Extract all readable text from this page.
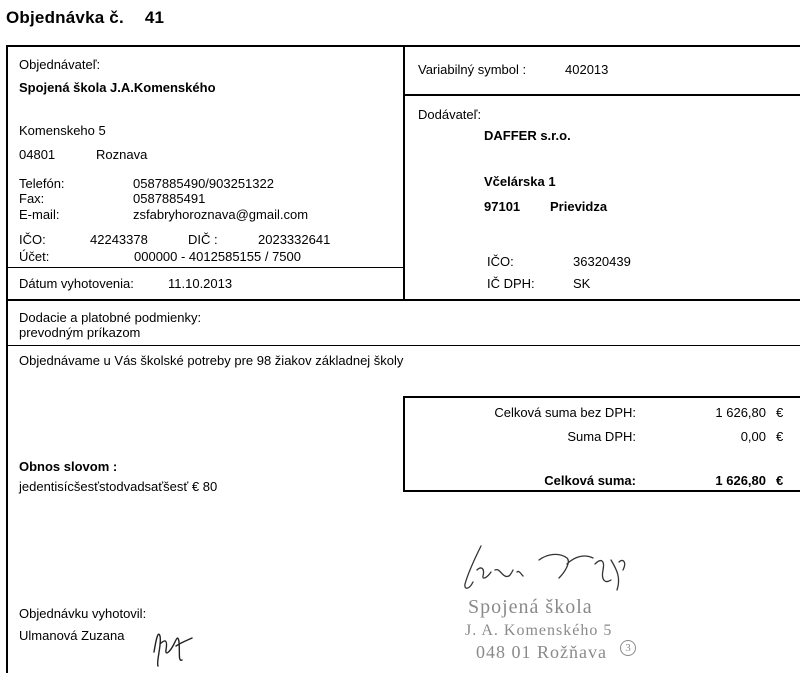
Objednávka č. 41
Objednávateľ:
Spojená škola J.A.Komenského
Komenskeho 5
04801	Roznava
Telefón:	0587885490/903251322
Fax:	0587885491
E-mail:	zsfabryhoroznava@gmail.com
IČO:	42243378	DIČ :	2023332641
Účet:	000000 - 4012585155 / 7500
Dátum vyhotovenia:	11.10.2013
Variabilný symbol :	402013
Dodávateľ:
DAFFER s.r.o.
Včelárska 1
97101 Prievidza
IČO:	36320439
IČ DPH:	SK
Dodacie a platobné podmienky:
prevodným príkazom
Objednávame u Vás školské potreby pre 98 žiakov základnej školy
Celková suma bez DPH:	1 626,80 €
Suma DPH:	0,00 €
Celková suma:	1 626,80 €
Obnos slovom :
jedentisícšesťstodvadsaťšesť € 80
Objednávku vyhotovil:
Ulmanová Zuzana
Spojená škola
J. A. Komenského 5
048 01 Rožňava	3
